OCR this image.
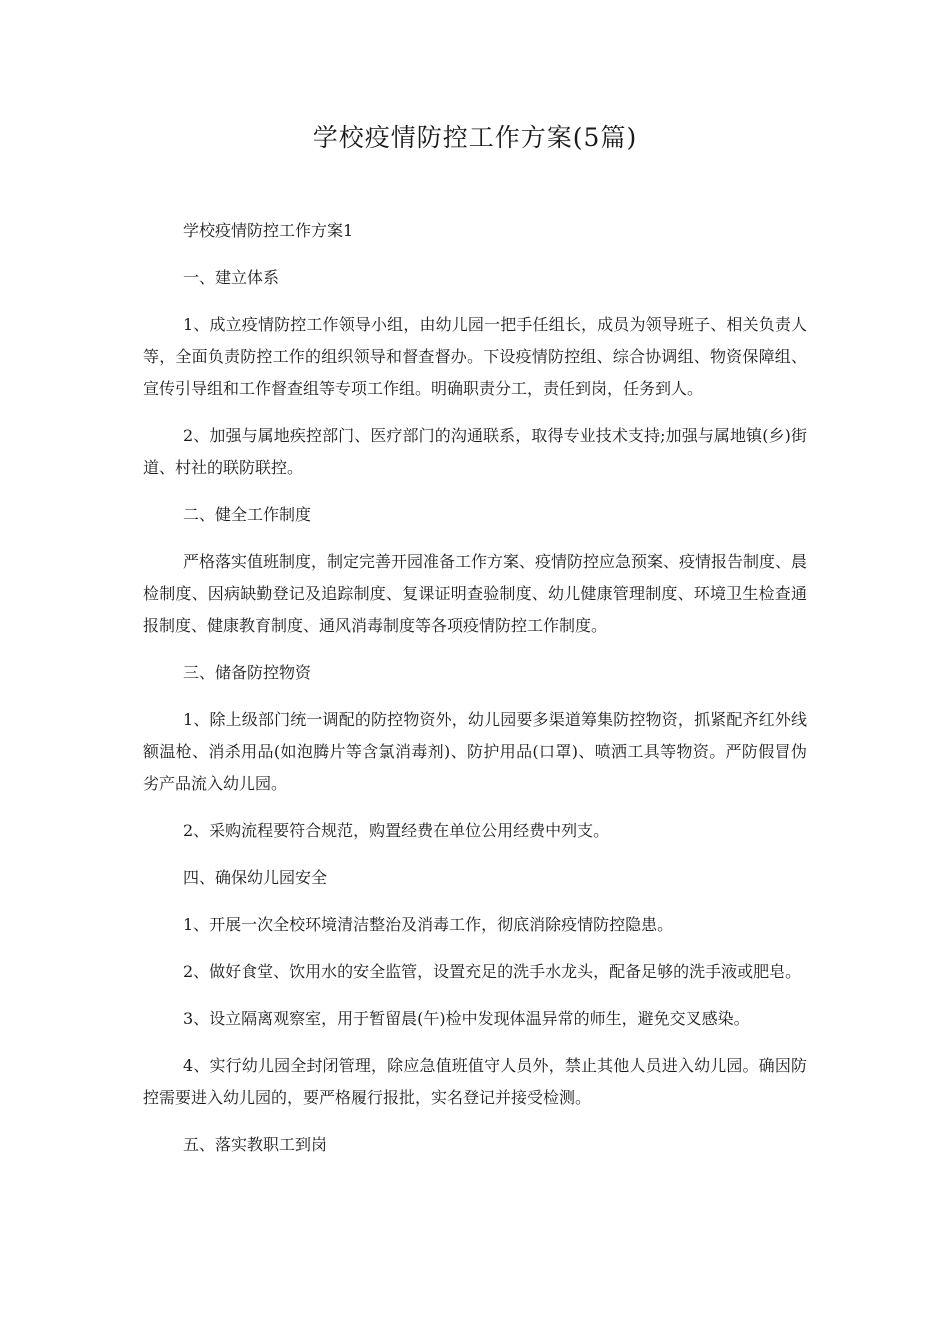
学校疫情防控工作方案(5篇)

学校疫情防控工作方案1

一、建立体系

1、成立疫情防控工作领导小组，由幼儿园一把手任组长，成员为领导班子、相关负责人等，全面负责防控工作的组织领导和督查督办。下设疫情防控组、综合协调组、物资保障组、宣传引导组和工作督查组等专项工作组。明确职责分工，责任到岗，任务到人。

2、加强与属地疾控部门、医疗部门的沟通联系，取得专业技术支持;加强与属地镇(乡)街道、村社的联防联控。

二、健全工作制度

严格落实值班制度，制定完善开园准备工作方案、疫情防控应急预案、疫情报告制度、晨检制度、因病缺勤登记及追踪制度、复课证明查验制度、幼儿健康管理制度、环境卫生检查通报制度、健康教育制度、通风消毒制度等各项疫情防控工作制度。

三、储备防控物资

1、除上级部门统一调配的防控物资外，幼儿园要多渠道筹集防控物资，抓紧配齐红外线额温枪、消杀用品(如泡腾片等含氯消毒剂)、防护用品(口罩)、喷洒工具等物资。严防假冒伪劣产品流入幼儿园。

2、采购流程要符合规范，购置经费在单位公用经费中列支。

四、确保幼儿园安全

1、开展一次全校环境清洁整治及消毒工作，彻底消除疫情防控隐患。

2、做好食堂、饮用水的安全监管，设置充足的洗手水龙头，配备足够的洗手液或肥皂。

3、设立隔离观察室，用于暂留晨(午)检中发现体温异常的师生，避免交叉感染。

4、实行幼儿园全封闭管理，除应急值班值守人员外，禁止其他人员进入幼儿园。确因防控需要进入幼儿园的，要严格履行报批，实名登记并接受检测。

五、落实教职工到岗
